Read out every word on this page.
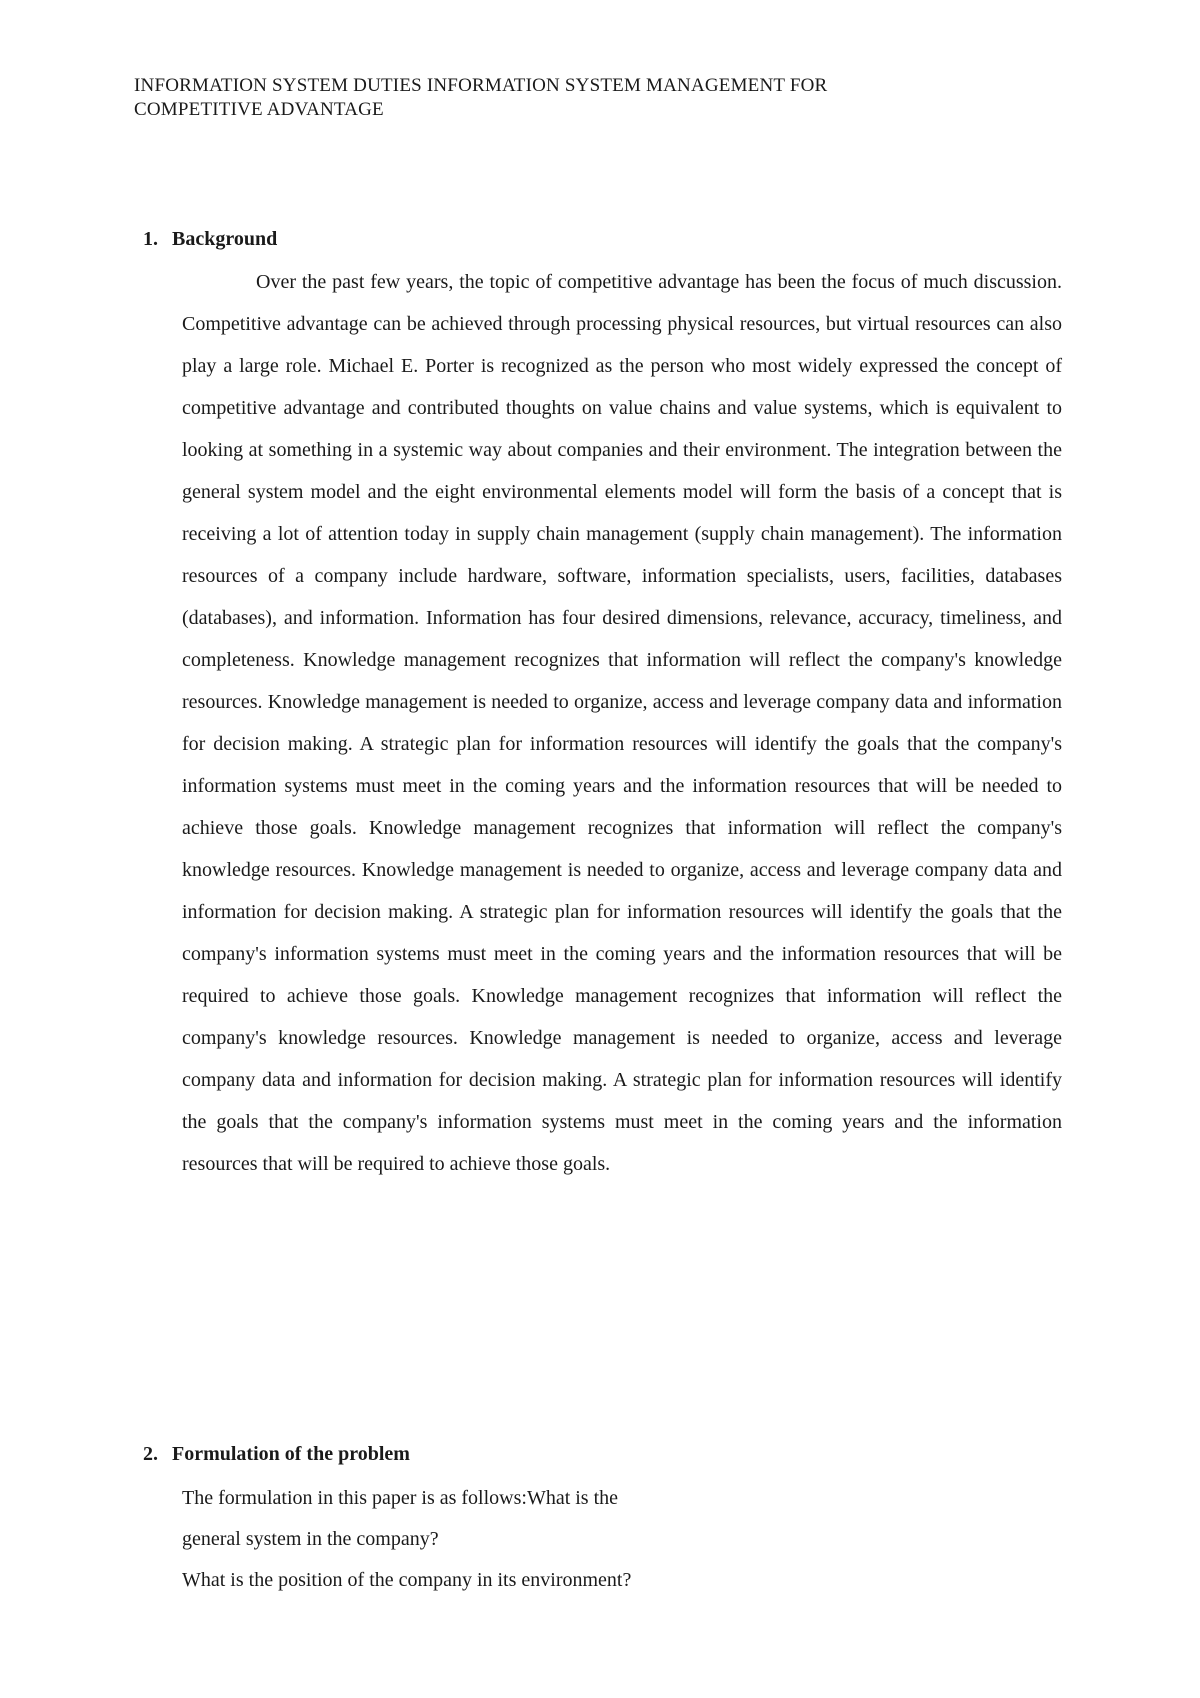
INFORMATION SYSTEM DUTIES INFORMATION SYSTEM MANAGEMENT FOR COMPETITIVE ADVANTAGE
1. Background

Over the past few years, the topic of competitive advantage has been the focus of much discussion. Competitive advantage can be achieved through processing physical resources, but virtual resources can also play a large role. Michael E. Porter is recognized as the person who most widely expressed the concept of competitive advantage and contributed thoughts on value chains and value systems, which is equivalent to looking at something in a systemic way about companies and their environment. The integration between the general system model and the eight environmental elements model will form the basis of a concept that is receiving a lot of attention today in supply chain management (supply chain management). The information resources of a company include hardware, software, information specialists, users, facilities, databases (databases), and information. Information has four desired dimensions, relevance, accuracy, timeliness, and completeness. Knowledge management recognizes that information will reflect the company's knowledge resources. Knowledge management is needed to organize, access and leverage company data and information for decision making. A strategic plan for information resources will identify the goals that the company's information systems must meet in the coming years and the information resources that will be needed to achieve those goals. Knowledge management recognizes that information will reflect the company's knowledge resources. Knowledge management is needed to organize, access and leverage company data and information for decision making. A strategic plan for information resources will identify the goals that the company's information systems must meet in the coming years and the information resources that will be required to achieve those goals. Knowledge management recognizes that information will reflect the company's knowledge resources. Knowledge management is needed to organize, access and leverage company data and information for decision making. A strategic plan for information resources will identify the goals that the company's information systems must meet in the coming years and the information resources that will be required to achieve those goals.

2. Formulation of the problem

The formulation in this paper is as follows:What is the

general system in the company?

What is the position of the company in its environment?
